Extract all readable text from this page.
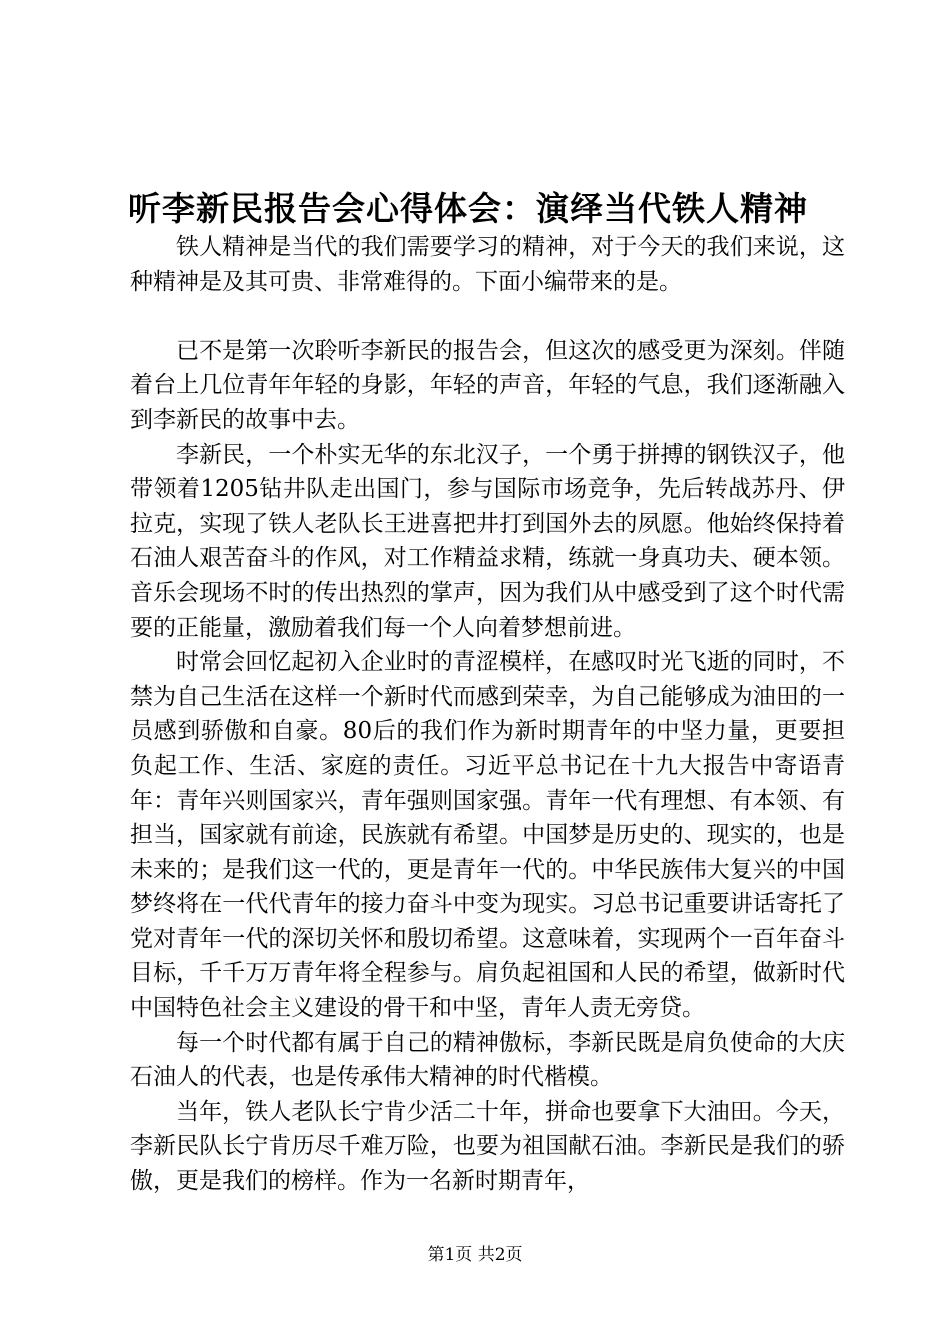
听李新民报告会心得体会：演绎当代铁人精神

铁人精神是当代的我们需要学习的精神，对于今天的我们来说，这种精神是及其可贵、非常难得的。下面小编带来的是。

已不是第一次聆听李新民的报告会，但这次的感受更为深刻。伴随着台上几位青年年轻的身影，年轻的声音，年轻的气息，我们逐渐融入到李新民的故事中去。

李新民，一个朴实无华的东北汉子，一个勇于拼搏的钢铁汉子，他带领着1205钻井队走出国门，参与国际市场竞争，先后转战苏丹、伊拉克，实现了铁人老队长王进喜把井打到国外去的夙愿。他始终保持着石油人艰苦奋斗的作风，对工作精益求精，练就一身真功夫、硬本领。音乐会现场不时的传出热烈的掌声，因为我们从中感受到了这个时代需要的正能量，激励着我们每一个人向着梦想前进。

时常会回忆起初入企业时的青涩模样，在感叹时光飞逝的同时，不禁为自己生活在这样一个新时代而感到荣幸，为自己能够成为油田的一员感到骄傲和自豪。80后的我们作为新时期青年的中坚力量，更要担负起工作、生活、家庭的责任。习近平总书记在十九大报告中寄语青年：青年兴则国家兴，青年强则国家强。青年一代有理想、有本领、有担当，国家就有前途，民族就有希望。中国梦是历史的、现实的，也是未来的；是我们这一代的，更是青年一代的。中华民族伟大复兴的中国梦终将在一代代青年的接力奋斗中变为现实。习总书记重要讲话寄托了党对青年一代的深切关怀和殷切希望。这意味着，实现两个一百年奋斗目标，千千万万青年将全程参与。肩负起祖国和人民的希望，做新时代中国特色社会主义建设的骨干和中坚，青年人责无旁贷。

每一个时代都有属于自己的精神傲标，李新民既是肩负使命的大庆石油人的代表，也是传承伟大精神的时代楷模。

当年，铁人老队长宁肯少活二十年，拼命也要拿下大油田。今天，李新民队长宁肯历尽千难万险，也要为祖国献石油。李新民是我们的骄傲，更是我们的榜样。作为一名新时期青年，

第1页 共2页
